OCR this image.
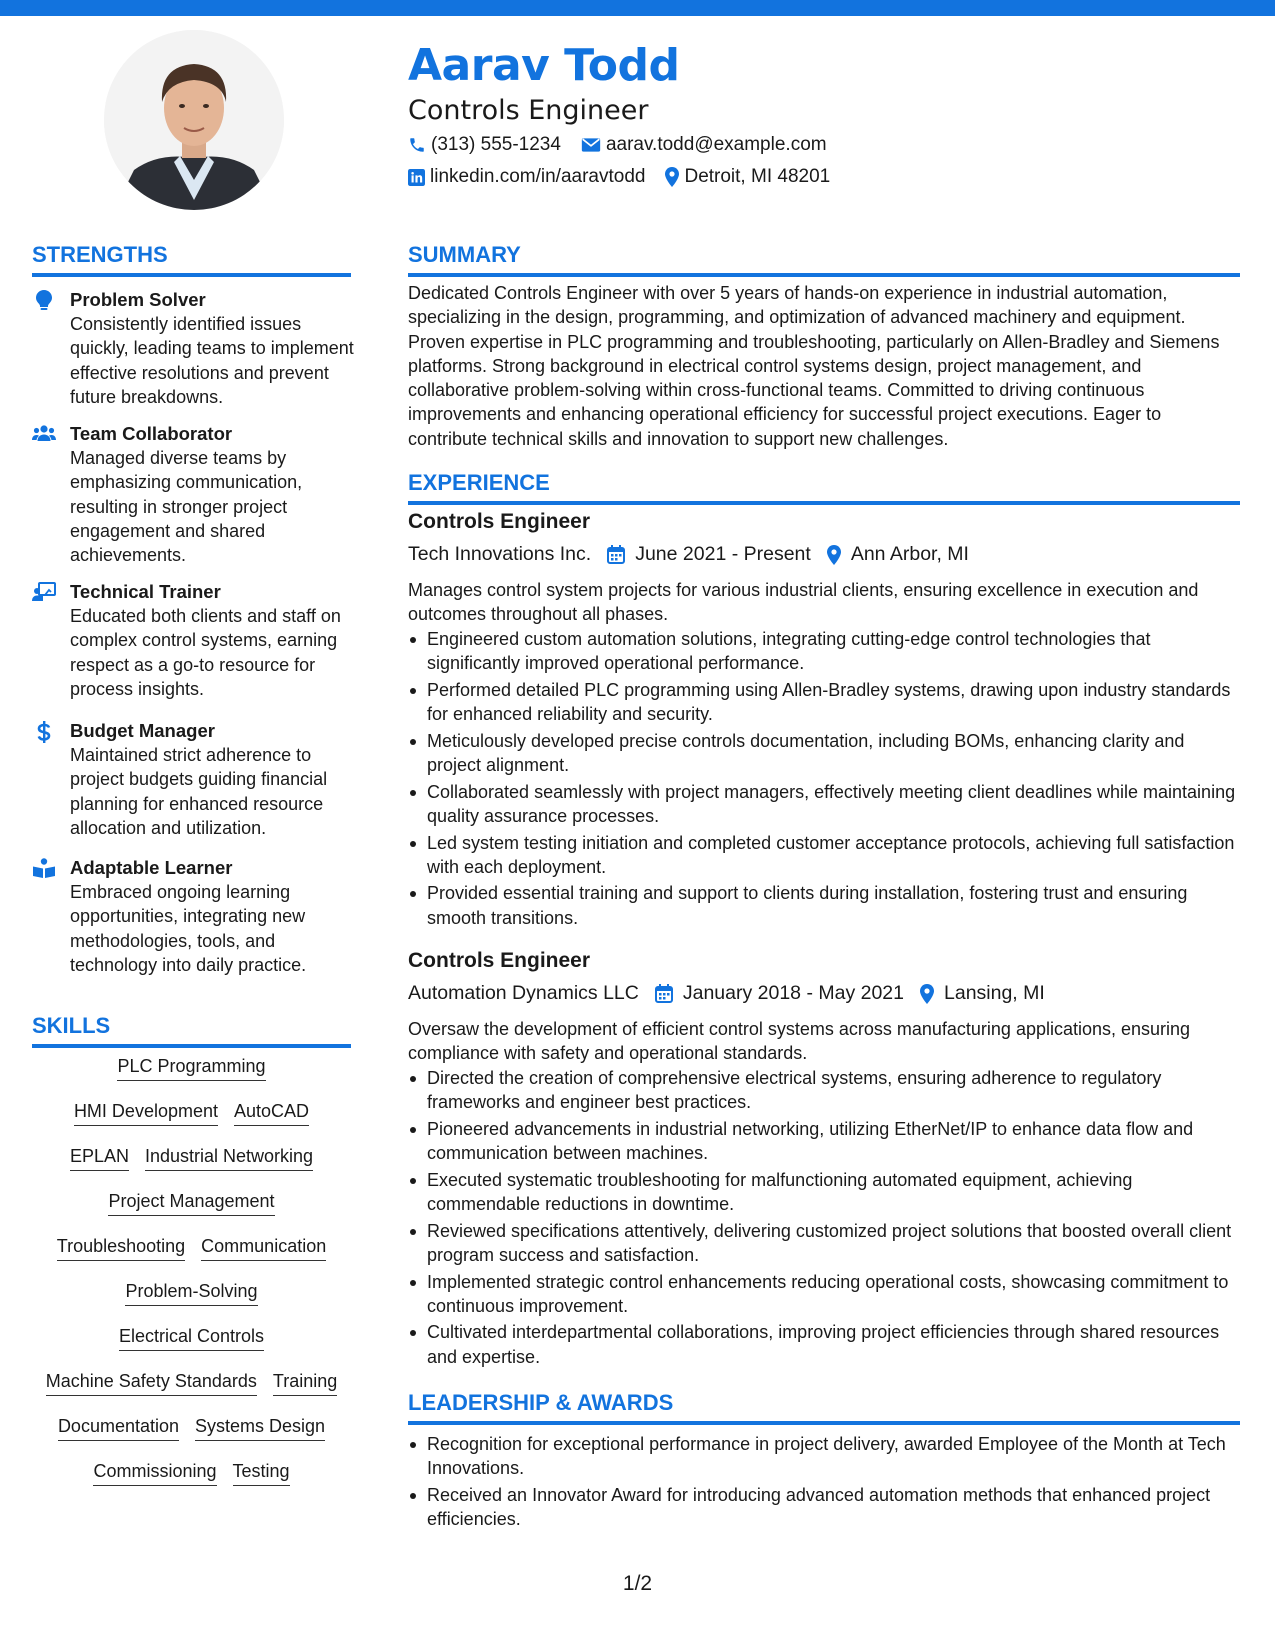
Aarav Todd
Controls Engineer
(313) 555-1234 aarav.todd@example.com
linkedin.com/in/aaravtodd Detroit, MI 48201
STRENGTHS
Problem Solver
Consistently identified issues quickly, leading teams to implement effective resolutions and prevent future breakdowns.
Team Collaborator
Managed diverse teams by emphasizing communication, resulting in stronger project engagement and shared achievements.
Technical Trainer
Educated both clients and staff on complex control systems, earning respect as a go-to resource for process insights.
Budget Manager
Maintained strict adherence to project budgets guiding financial planning for enhanced resource allocation and utilization.
Adaptable Learner
Embraced ongoing learning opportunities, integrating new methodologies, tools, and technology into daily practice.
SKILLS
PLC Programming
HMI Development AutoCAD
EPLAN Industrial Networking
Project Management
Troubleshooting Communication
Problem-Solving
Electrical Controls
Machine Safety Standards Training
Documentation Systems Design
Commissioning Testing
SUMMARY
Dedicated Controls Engineer with over 5 years of hands-on experience in industrial automation, specializing in the design, programming, and optimization of advanced machinery and equipment. Proven expertise in PLC programming and troubleshooting, particularly on Allen-Bradley and Siemens platforms. Strong background in electrical control systems design, project management, and collaborative problem-solving within cross-functional teams. Committed to driving continuous improvements and enhancing operational efficiency for successful project executions. Eager to contribute technical skills and innovation to support new challenges.
EXPERIENCE
Controls Engineer
Tech Innovations Inc. June 2021 - Present Ann Arbor, MI
Manages control system projects for various industrial clients, ensuring excellence in execution and outcomes throughout all phases.
Engineered custom automation solutions, integrating cutting-edge control technologies that significantly improved operational performance.
Performed detailed PLC programming using Allen-Bradley systems, drawing upon industry standards for enhanced reliability and security.
Meticulously developed precise controls documentation, including BOMs, enhancing clarity and project alignment.
Collaborated seamlessly with project managers, effectively meeting client deadlines while maintaining quality assurance processes.
Led system testing initiation and completed customer acceptance protocols, achieving full satisfaction with each deployment.
Provided essential training and support to clients during installation, fostering trust and ensuring smooth transitions.
Controls Engineer
Automation Dynamics LLC January 2018 - May 2021 Lansing, MI
Oversaw the development of efficient control systems across manufacturing applications, ensuring compliance with safety and operational standards.
Directed the creation of comprehensive electrical systems, ensuring adherence to regulatory frameworks and engineer best practices.
Pioneered advancements in industrial networking, utilizing EtherNet/IP to enhance data flow and communication between machines.
Executed systematic troubleshooting for malfunctioning automated equipment, achieving commendable reductions in downtime.
Reviewed specifications attentively, delivering customized project solutions that boosted overall client program success and satisfaction.
Implemented strategic control enhancements reducing operational costs, showcasing commitment to continuous improvement.
Cultivated interdepartmental collaborations, improving project efficiencies through shared resources and expertise.
LEADERSHIP & AWARDS
Recognition for exceptional performance in project delivery, awarded Employee of the Month at Tech Innovations.
Received an Innovator Award for introducing advanced automation methods that enhanced project efficiencies.
1/2
